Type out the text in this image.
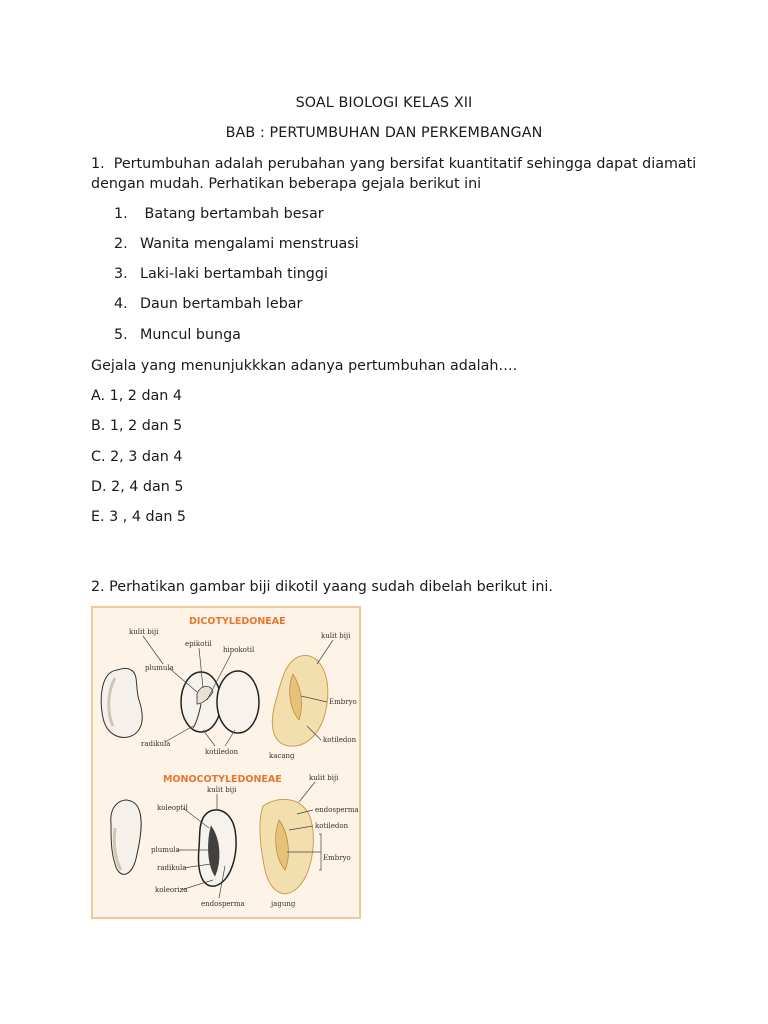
SOAL BIOLOGI KELAS XII
BAB : PERTUMBUHAN DAN PERKEMBANGAN
1. Pertumbuhan adalah perubahan yang bersifat kuantitatif sehingga dapat diamati
dengan mudah. Perhatikan beberapa gejala berikut ini
1. Batang bertambah besar
2. Wanita mengalami menstruasi
3. Laki-laki bertambah tinggi
4. Daun bertambah lebar
5. Muncul bunga
Gejala yang menunjukkkan adanya pertumbuhan adalah….
A. 1, 2 dan 4
B. 1, 2 dan 5
C. 2, 3 dan 4
D. 2, 4 dan 5
E. 3 , 4 dan 5
2. Perhatikan gambar biji dikotil yaang sudah dibelah berikut ini.
DICOTYLEDONEAE
kulit biji
epikotil
hipokotil
kulit biji
plumula
Embryo
radikula
kotiledon
kotiledon
kacang
MONOCOTYLEDONEAE	kulit biji
kulit biji
koleoptil	endosperma
kotiledon
plumula
radikula
Embryo
koleoriza
endosperma	jagung
